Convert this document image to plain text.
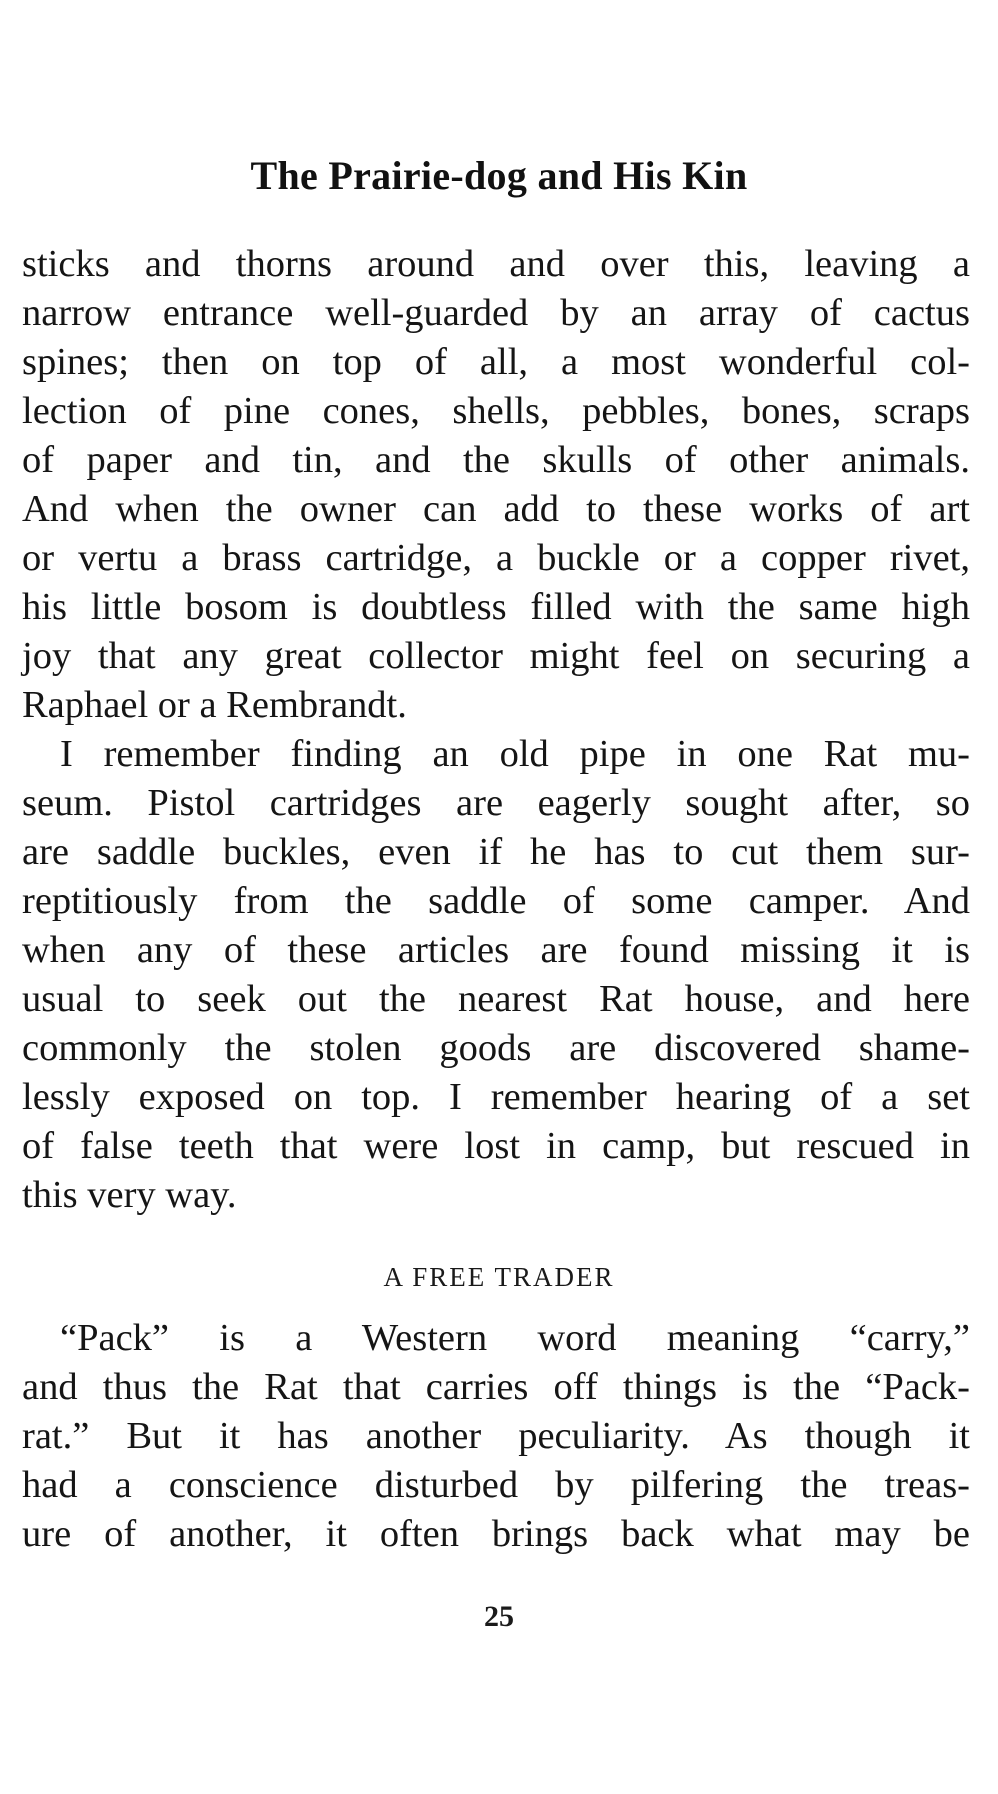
The Prairie-dog and His Kin
sticks and thorns around and over this, leaving a
narrow entrance well-guarded by an array of cactus
spines; then on top of all, a most wonderful col-
lection of pine cones, shells, pebbles, bones, scraps
of paper and tin, and the skulls of other animals.
And when the owner can add to these works of art
or vertu a brass cartridge, a buckle or a copper rivet,
his little bosom is doubtless filled with the same high
joy that any great collector might feel on securing a
Raphael or a Rembrandt.
I remember finding an old pipe in one Rat mu-
seum. Pistol cartridges are eagerly sought after, so
are saddle buckles, even if he has to cut them sur-
reptitiously from the saddle of some camper. And
when any of these articles are found missing it is
usual to seek out the nearest Rat house, and here
commonly the stolen goods are discovered shame-
lessly exposed on top. I remember hearing of a set
of false teeth that were lost in camp, but rescued in
this very way.
A FREE TRADER
“Pack” is a Western word meaning “carry,”
and thus the Rat that carries off things is the “Pack-
rat.” But it has another peculiarity. As though it
had a conscience disturbed by pilfering the treas-
ure of another, it often brings back what may be
25
